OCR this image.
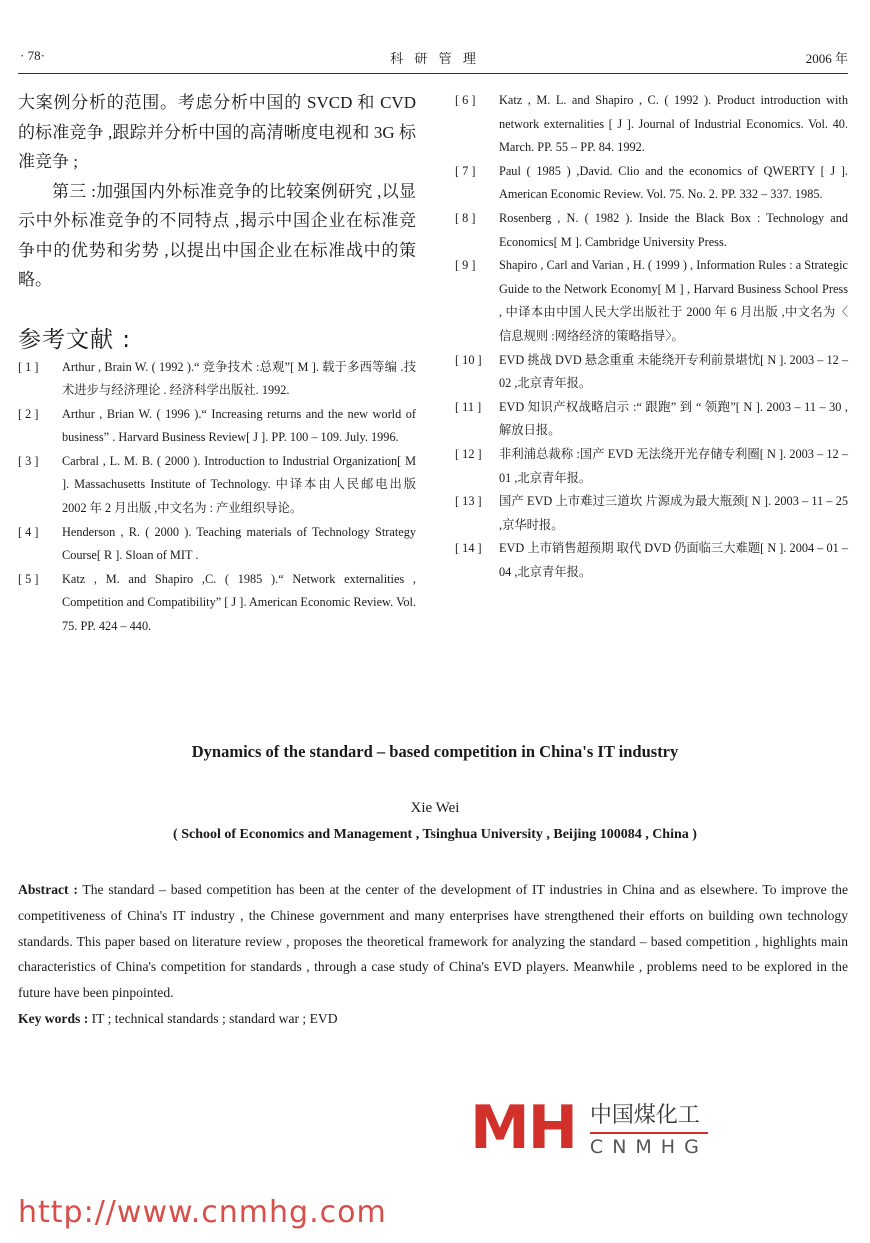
· 78·	科 研 管 理	2006 年
大案例分析的范围。考虑分析中国的 SVCD 和 CVD 的标准竞争 ,跟踪并分析中国的高清晰度电视和 3G 标准竞争 ;
第三 :加强国内外标准竞争的比较案例研究 ,以显示中外标准竞争的不同特点 ,揭示中国企业在标准竞争中的优势和劣势 ,以提出中国企业在标准战中的策略。
参考文献 :
[ 1 ]	Arthur , Brain W. ( 1992 ).“ 竞争技术 :总观”[ M ]. 载于多西等编 .技术进步与经济理论 . 经济科学出版社. 1992.
[ 2 ]	Arthur , Brian W. ( 1996 ).“ Increasing returns and the new world of business” . Harvard Business Review[ J ]. PP. 100 – 109. July. 1996.
[ 3 ]	Carbral , L. M. B. ( 2000 ). Introduction to Industrial Organization[ M ]. Massachusetts Institute of Technology. 中译本由人民邮电出版 2002 年 2 月出版 ,中文名为 : 产业组织导论。
[ 4 ]	Henderson , R. ( 2000 ). Teaching materials of Technology Strategy Course[ R ]. Sloan of MIT .
[ 5 ]	Katz , M. and Shapiro ,C. ( 1985 ).“ Network externalities , Competition and Compatibility” [ J ]. American Economic Review. Vol. 75. PP. 424 – 440.
[ 6 ]	Katz , M. L. and Shapiro , C. ( 1992 ). Product introduction with network externalities [ J ]. Journal of Industrial Economics. Vol. 40. March. PP. 55 – PP. 84. 1992.
[ 7 ]	Paul ( 1985 ) ,David. Clio and the economics of QWERTY [ J ]. American Economic Review. Vol. 75. No. 2. PP. 332 – 337. 1985.
[ 8 ]	Rosenberg , N. ( 1982 ). Inside the Black Box : Technology and Economics[ M ]. Cambridge University Press.
[ 9 ]	Shapiro , Carl and Varian , H. ( 1999 ) , Information Rules : a Strategic Guide to the Network Economy[ M ] , Harvard Business School Press , 中译本由中国人民大学出版社于 2000 年 6 月出版 ,中文名为〈 信息规则 :网络经济的策略指导〉。
[ 10 ]	EVD 挑战 DVD 悬念重重 未能绕开专利前景堪忧[ N ]. 2003 – 12 – 02 ,北京青年报。
[ 11 ]	EVD 知识产权战略启示 :“ 跟跑” 到 “ 领跑”[ N ]. 2003 – 11 – 30 ,解放日报。
[ 12 ]	非利浦总裁称 :国产 EVD 无法绕开光存储专利圈[ N ]. 2003 – 12 – 01 ,北京青年报。
[ 13 ]	国产 EVD 上市难过三道坎 片源成为最大瓶颈[ N ]. 2003 – 11 – 25 ,京华时报。
[ 14 ]	EVD 上市销售超预期 取代 DVD 仍面临三大难题[ N ]. 2004 – 01 – 04 ,北京青年报。
Dynamics of the standard – based competition in China's IT industry
Xie Wei
( School of Economics and Management , Tsinghua University , Beijing 100084 , China )
Abstract : The standard – based competition has been at the center of the development of IT industries in China and as elsewhere. To improve the competitiveness of China's IT industry , the Chinese government and many enterprises have strengthened their efforts on building own technology standards. This paper based on literature review , proposes the theoretical framework for analyzing the standard – based competition , highlights main characteristics of China's competition for standards , through a case study of China's EVD players. Meanwhile , problems need to be explored in the future have been pinpointed.
Key words : IT ; technical standards ; standard war ; EVD
http://www.cnmhg.com
MH 中国煤化工
CNMHG
